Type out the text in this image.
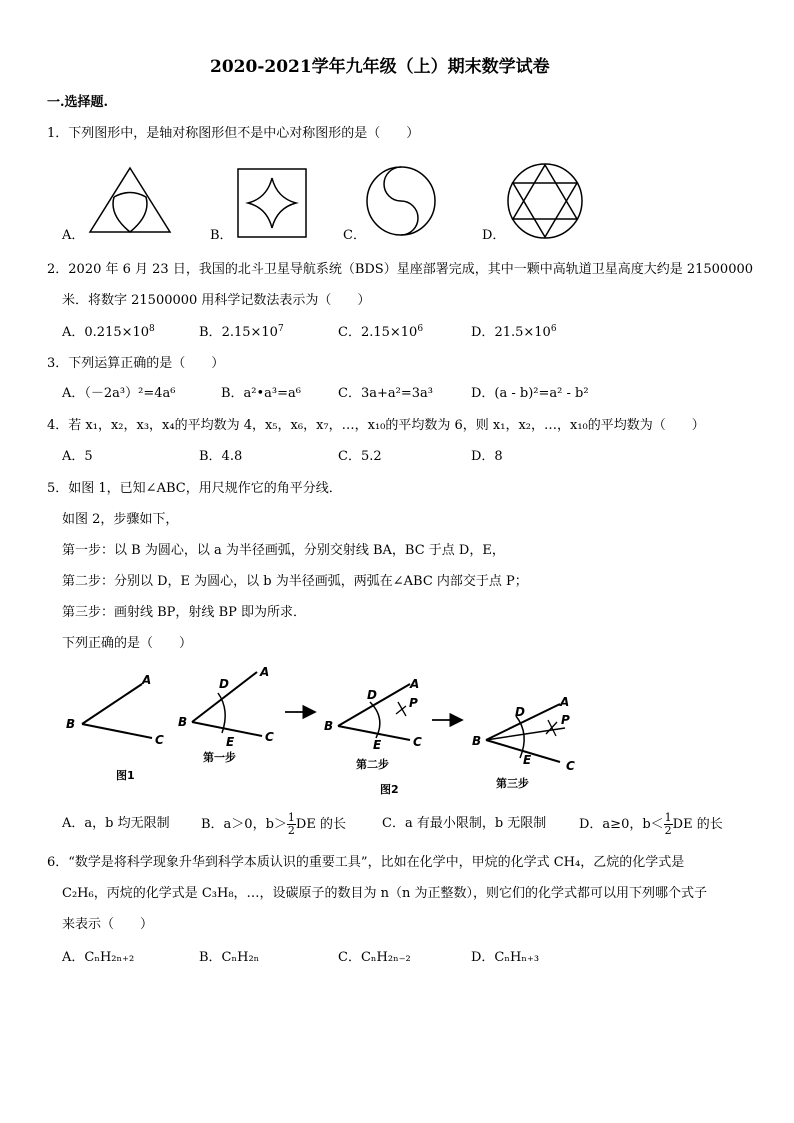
2020-2021学年九年级（上）期末数学试卷
一.选择题.
1．下列图形中，是轴对称图形但不是中心对称图形的是（　　）
A．	B．	C．	D．
2．2020 年 6 月 23 日，我国的北斗卫星导航系统（BDS）星座部署完成，其中一颗中高轨道卫星高度大约是 21500000
米．将数字 21500000 用科学记数法表示为（　　）
A．$0.215\times 10^8$	B．$2.15\times 10^7$	C．$2.15\times 10^6$	D．$21.5\times 10^6$
3．下列运算正确的是（　　）
A．（－2a³）²=4a⁶	B．a²•a³=a⁶	C．3a+a²=3a³	D．(a - b)²=a² - b²
4．若 x₁，x₂，x₃，x₄的平均数为 4，x₅，x₆，x₇，…，x₁₀的平均数为 6，则 x₁，x₂，…，x₁₀的平均数为（　　）
A．5	B．4.8	C．5.2	D．8
5．如图 1，已知∠ABC，用尺规作它的角平分线．
如图 2，步骤如下，
第一步：以 B 为圆心，以 a 为半径画弧，分别交射线 BA，BC 于点 D，E，
第二步：分别以 D，E 为圆心，以 b 为半径画弧，两弧在∠ABC 内部交于点 P；
第三步：画射线 BP，射线 BP 即为所求．
下列正确的是（　　）
A
B
C
图1
A
B
C
D
E
第一步
A
B
C
D
E
P
第二步
图2
A
B
C
D
E
P
第三步
A．a，b 均无限制 B．a＞0，$b> \frac{1}{2}$ DE 的长	C．a 有最小限制，b 无限制	D．a≥0，$b< \frac{1}{2}$ DE 的长
6．“数学是将科学现象升华到科学本质认识的重要工具”，比如在化学中，甲烷的化学式 CH₄，乙烷的化学式是
C₂H₆，丙烷的化学式是 C₃H₈，…，设碳原子的数目为 n（n 为正整数），则它们的化学式都可以用下列哪个式子
来表示（　　）
A．CₙH₂ₙ₊₂	B．CₙH₂ₙ	C．CₙH₂ₙ₋₂	D．CₙHₙ₊₃
